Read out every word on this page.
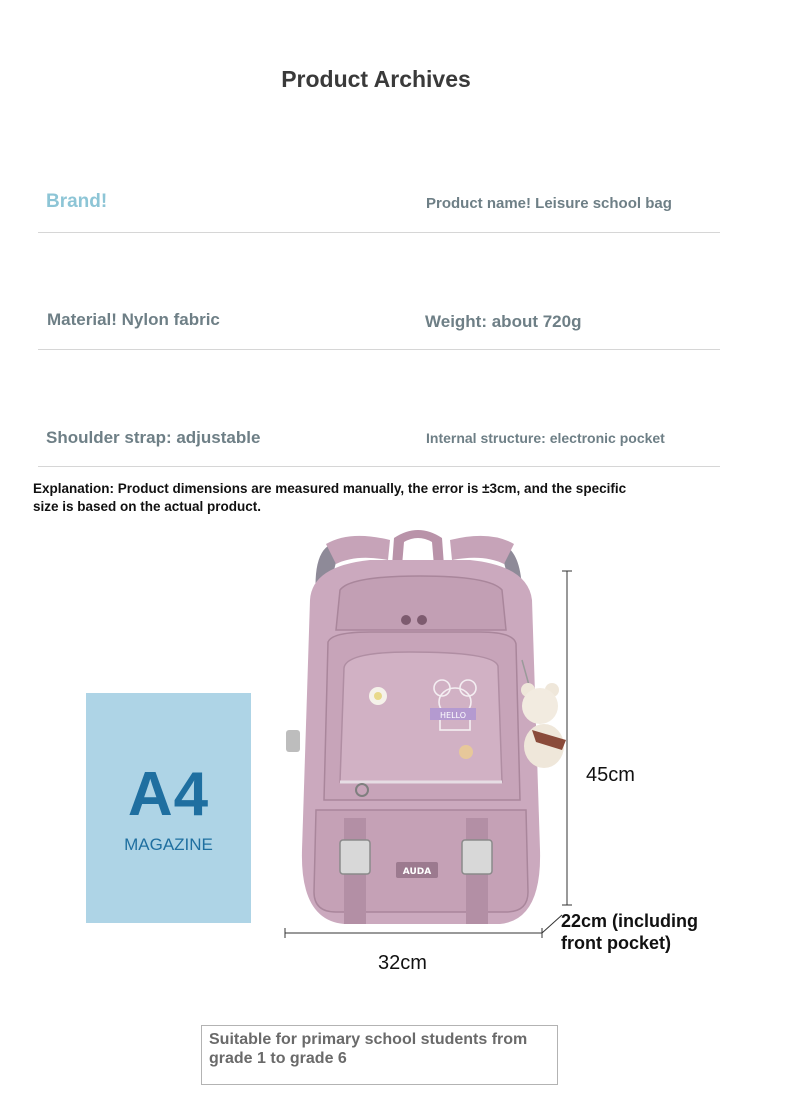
Product Archives
Brand!	Product name! Leisure school bag
Material! Nylon fabric	Weight: about 720g
Shoulder strap: adjustable	Internal structure: electronic pocket
Explanation: Product dimensions are measured manually, the error is ±3cm, and the specific size is based on the actual product.
A4
MAGAZINE
HELLO
AUDA
45cm
32cm
22cm (including front pocket)
Suitable for primary school students from grade 1 to grade 6
